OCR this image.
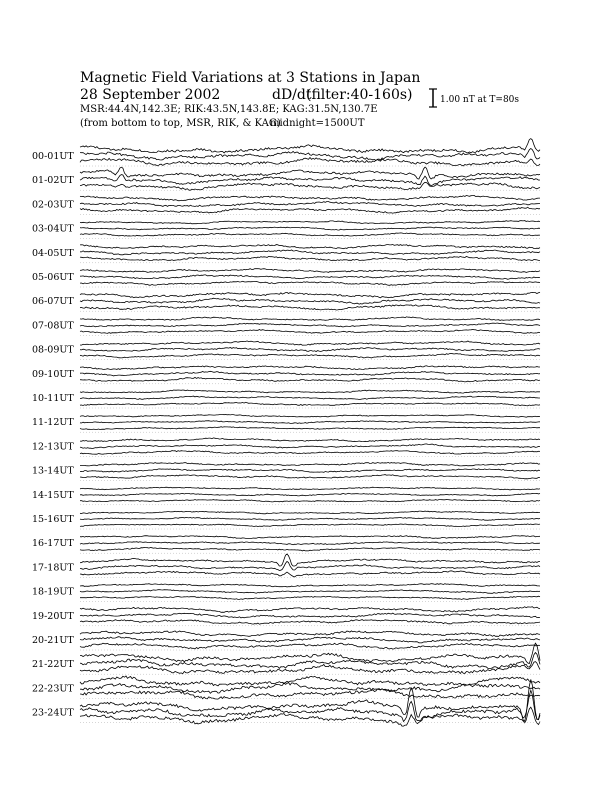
Magnetic Field Variations at 3 Stations in Japan
28 September 2002	dD/dt
(filter:40-160s)
MSR:44.4N,142.3E; RIK:43.5N,143.8E; KAG:31.5N,130.7E
(from bottom to top, MSR, RIK, & KAG)
midnight=1500UT
1.00 nT at T=80s
00-01UT
01-02UT
02-03UT
03-04UT
04-05UT
05-06UT
06-07UT
07-08UT
08-09UT
09-10UT
10-11UT
11-12UT
12-13UT
13-14UT
14-15UT
15-16UT
16-17UT
17-18UT
18-19UT
19-20UT
20-21UT
21-22UT
22-23UT
23-24UT
